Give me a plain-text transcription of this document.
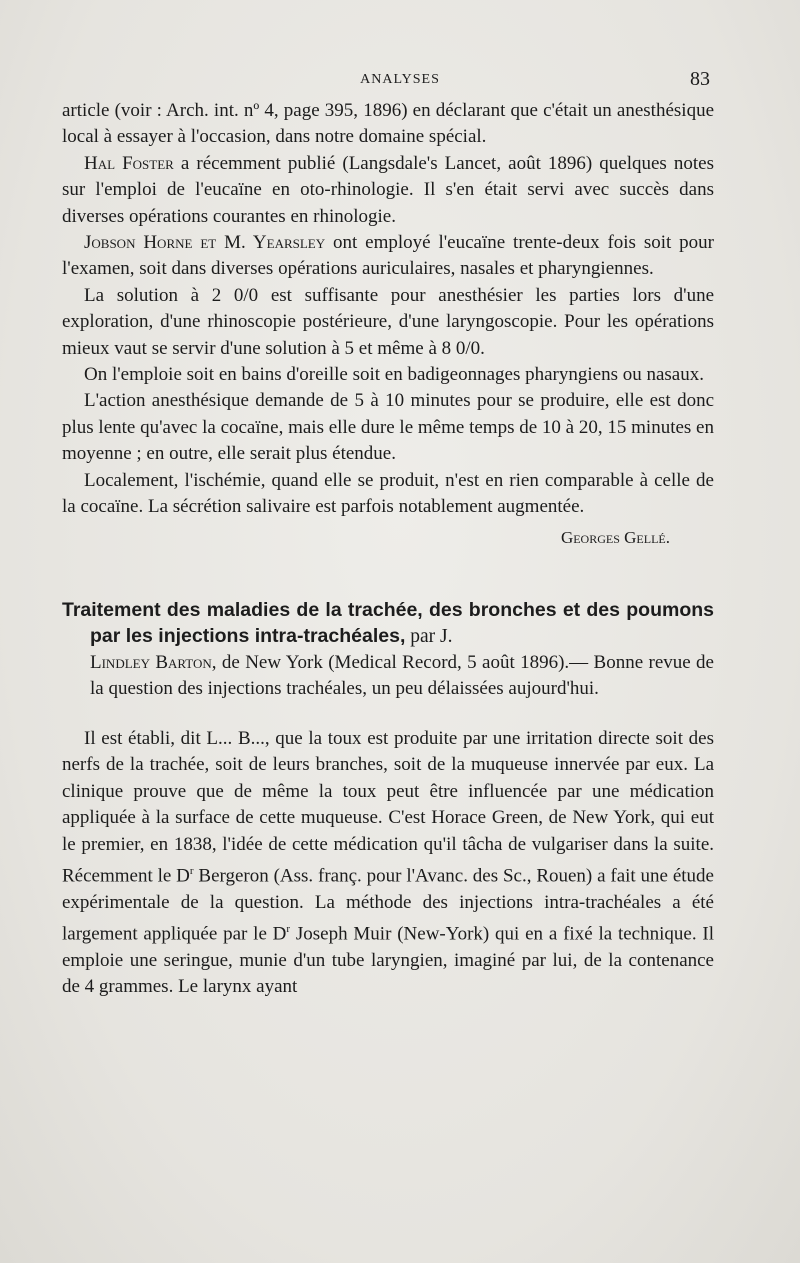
ANALYSES	83

article (voir : Arch. int. nº 4, page 395, 1896) en déclarant que c'était un anesthésique local à essayer à l'occasion, dans notre domaine spécial.

Hal Foster a récemment publié (Langsdale's Lancet, août 1896) quelques notes sur l'emploi de l'eucaïne en oto-rhinologie. Il s'en était servi avec succès dans diverses opérations courantes en rhinologie.

Jobson Horne et M. Yearsley ont employé l'eucaïne trente-deux fois soit pour l'examen, soit dans diverses opérations auriculaires, nasales et pharyngiennes.

La solution à 2 0/0 est suffisante pour anesthésier les parties lors d'une exploration, d'une rhinoscopie postérieure, d'une laryngoscopie. Pour les opérations mieux vaut se servir d'une solution à 5 et même à 8 0/0.

On l'emploie soit en bains d'oreille soit en badigeonnages pharyngiens ou nasaux.

L'action anesthésique demande de 5 à 10 minutes pour se produire, elle est donc plus lente qu'avec la cocaïne, mais elle dure le même temps de 10 à 20, 15 minutes en moyenne ; en outre, elle serait plus étendue.

Localement, l'ischémie, quand elle se produit, n'est en rien comparable à celle de la cocaïne. La sécrétion salivaire est parfois notablement augmentée.

Georges Gellé.
Traitement des maladies de la trachée, des bronches et des poumons par les injections intra-trachéales, par J.
Lindley Barton, de New York (Medical Record, 5 août 1896).— Bonne revue de la question des injections trachéales, un peu délaissées aujourd'hui.

Il est établi, dit L... B..., que la toux est produite par une irritation directe soit des nerfs de la trachée, soit de leurs branches, soit de la muqueuse innervée par eux. La clinique prouve que de même la toux peut être influencée par une médication appliquée à la surface de cette muqueuse. C'est Horace Green, de New York, qui eut le premier, en 1838, l'idée de cette médication qu'il tâcha de vulgariser dans la suite. Récemment le $D^r$ Bergeron (Ass. franç. pour l'Avanc. des Sc., Rouen) a fait une étude expérimentale de la question. La méthode des injections intra-trachéales a été largement appliquée par le $D^r$ Joseph Muir (New-York) qui en a fixé la technique. Il emploie une seringue, munie d'un tube laryngien, imaginé par lui, de la contenance de 4 grammes. Le larynx ayant
